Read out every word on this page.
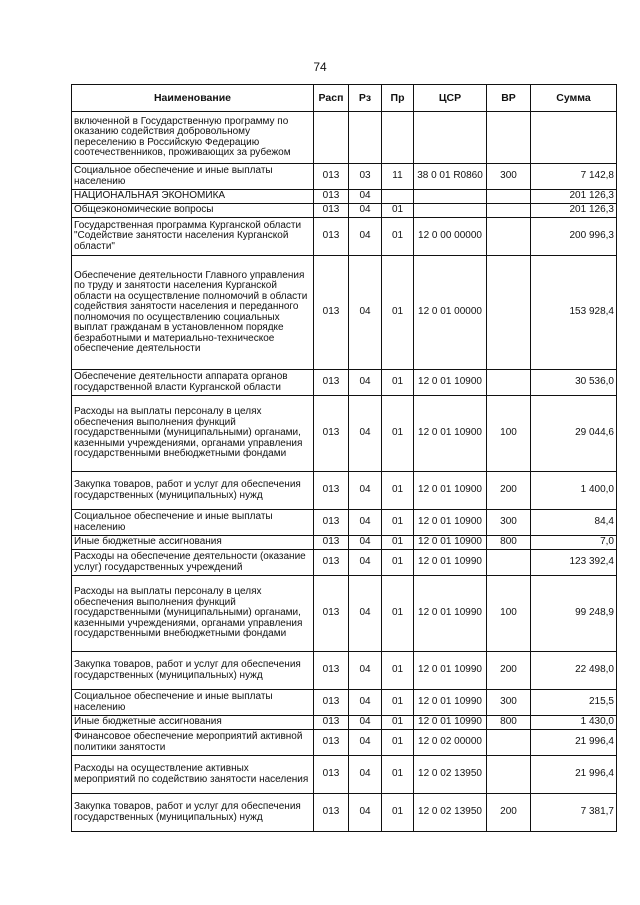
74
Наименование	Расп	Рз	Пр	ЦСР	ВР	Сумма
включенной в Государственную программу по оказанию содействия добровольному переселению в Российскую Федерацию соотечественников, проживающих за рубежом						
Социальное обеспечение и иные выплаты населению	013	03	11	38 0 01 R0860	300	7 142,8
НАЦИОНАЛЬНАЯ ЭКОНОМИКА	013	04				201 126,3
Общеэкономические вопросы	013	04	01			201 126,3
Государственная программа Курганской области "Содействие занятости населения Курганской области"	013	04	01	12 0 00 00000		200 996,3
Обеспечение деятельности Главного управления по труду и занятости населения Курганской области на осуществление полномочий в области содействия занятости населения и переданного полномочия по осуществлению социальных выплат гражданам в установленном порядке безработными и материально-техническое обеспечение деятельности	013	04	01	12 0 01 00000		153 928,4
Обеспечение деятельности аппарата органов государственной власти Курганской области	013	04	01	12 0 01 10900		30 536,0
Расходы на выплаты персоналу в целях обеспечения выполнения функций государственными (муниципальными) органами, казенными учреждениями, органами управления государственными внебюджетными фондами	013	04	01	12 0 01 10900	100	29 044,6
Закупка товаров, работ и услуг для обеспечения государственных (муниципальных) нужд	013	04	01	12 0 01 10900	200	1 400,0
Социальное обеспечение и иные выплаты населению	013	04	01	12 0 01 10900	300	84,4
Иные бюджетные ассигнования	013	04	01	12 0 01 10900	800	7,0
Расходы на обеспечение деятельности (оказание услуг) государственных учреждений	013	04	01	12 0 01 10990		123 392,4
Расходы на выплаты персоналу в целях обеспечения выполнения функций государственными (муниципальными) органами, казенными учреждениями, органами управления государственными внебюджетными фондами	013	04	01	12 0 01 10990	100	99 248,9
Закупка товаров, работ и услуг для обеспечения государственных (муниципальных) нужд	013	04	01	12 0 01 10990	200	22 498,0
Социальное обеспечение и иные выплаты населению	013	04	01	12 0 01 10990	300	215,5
Иные бюджетные ассигнования	013	04	01	12 0 01 10990	800	1 430,0
Финансовое обеспечение мероприятий активной политики занятости	013	04	01	12 0 02 00000		21 996,4
Расходы на осуществление активных мероприятий по содействию занятости населения	013	04	01	12 0 02 13950		21 996,4
Закупка товаров, работ и услуг для обеспечения государственных (муниципальных) нужд	013	04	01	12 0 02 13950	200	7 381,7
